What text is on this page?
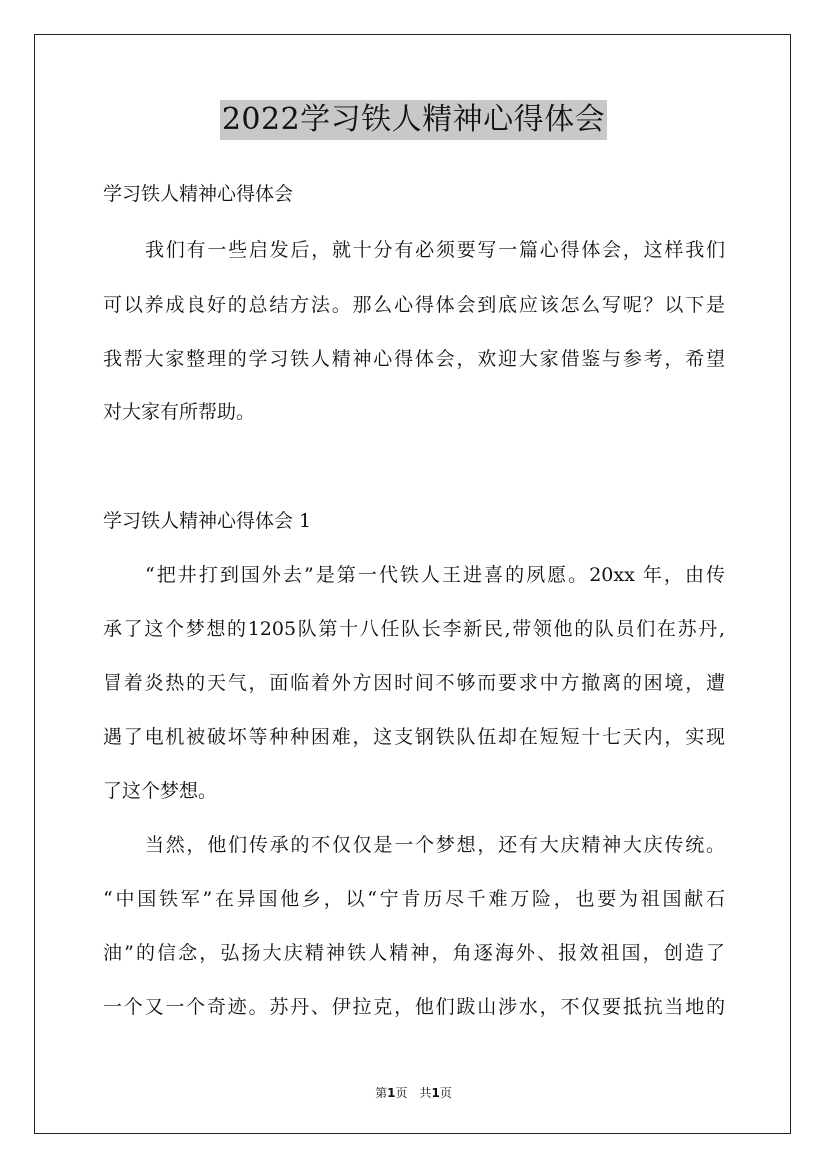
2022学习铁人精神心得体会
学习铁人精神心得体会
我们有一些启发后，就十分有必须要写一篇心得体会，这样我们
可以养成良好的总结方法。那么心得体会到底应该怎么写呢？以下是
我帮大家整理的学习铁人精神心得体会，欢迎大家借鉴与参考，希望
对大家有所帮助。
学习铁人精神心得体会 1
“把井打到国外去”是第一代铁人王进喜的夙愿。20xx 年，由传
承了这个梦想的1205队第十八任队长李新民,带领他的队员们在苏丹,
冒着炎热的天气，面临着外方因时间不够而要求中方撤离的困境，遭
遇了电机被破坏等种种困难，这支钢铁队伍却在短短十七天内，实现
了这个梦想。
当然，他们传承的不仅仅是一个梦想，还有大庆精神大庆传统。
“中国铁军”在异国他乡，以“宁肯历尽千难万险，也要为祖国献石
油”的信念，弘扬大庆精神铁人精神，角逐海外、报效祖国，创造了
一个又一个奇迹。苏丹、伊拉克，他们跋山涉水，不仅要抵抗当地的
第1页　共1页
